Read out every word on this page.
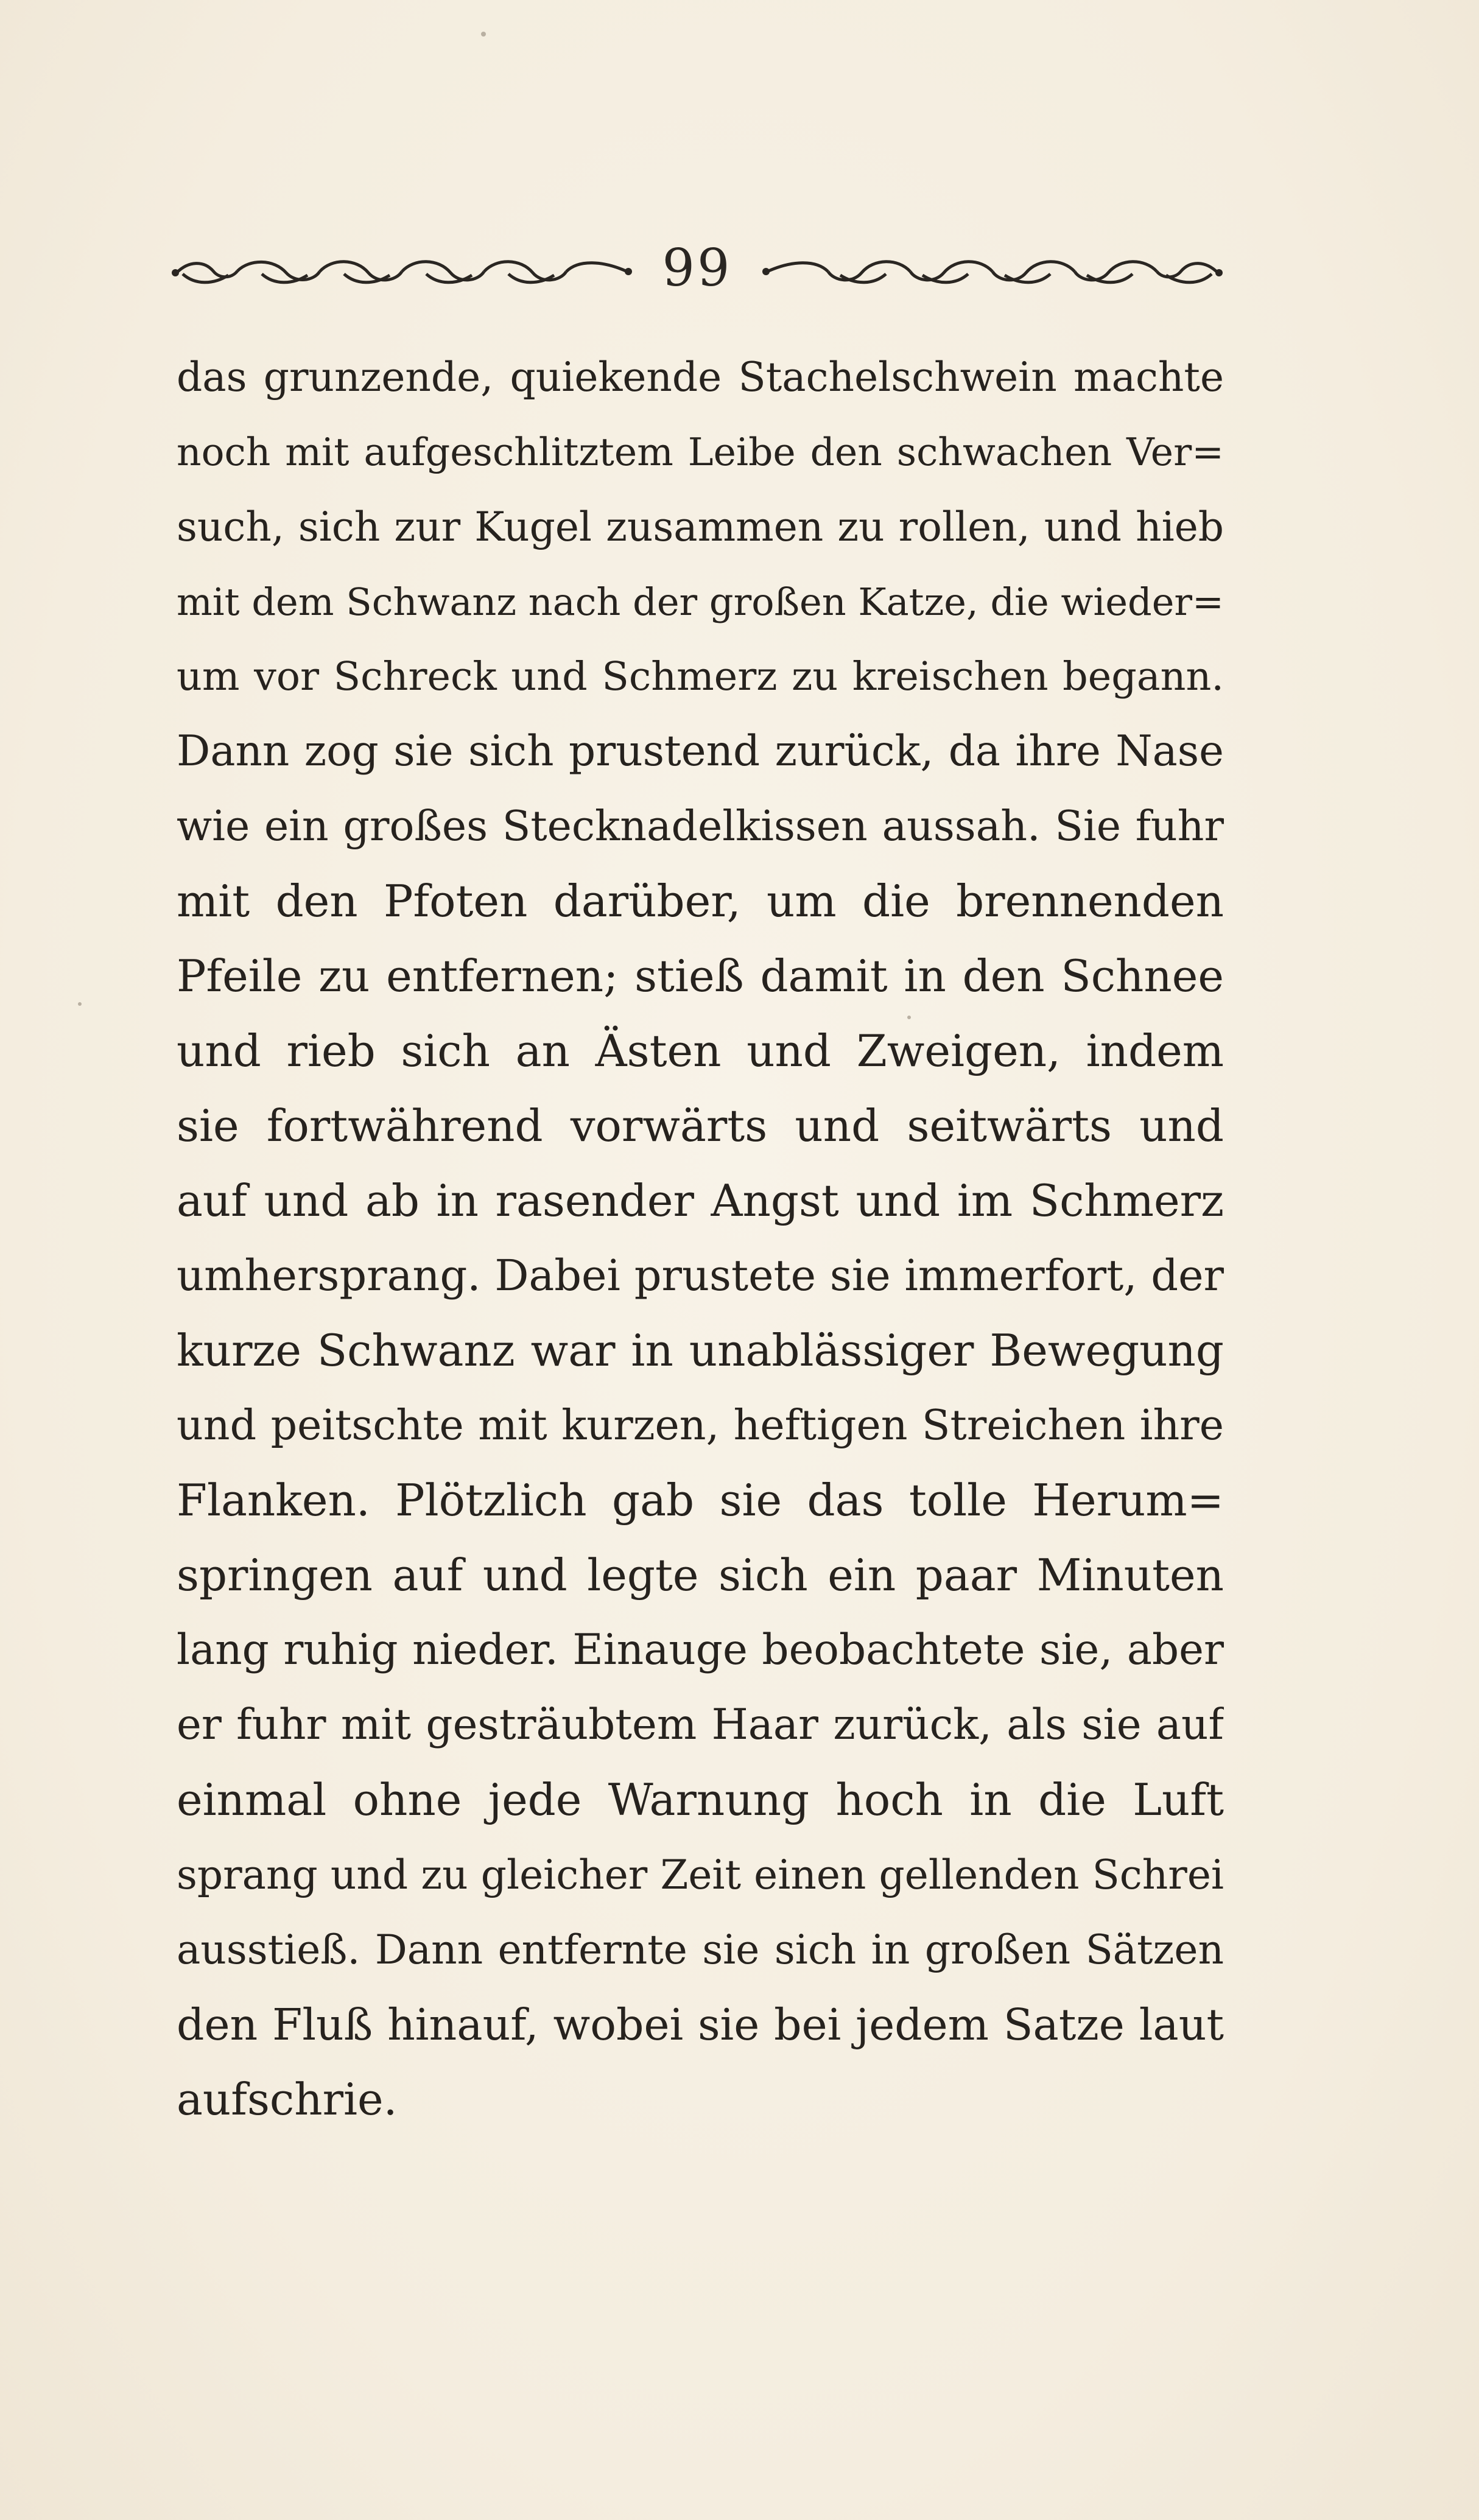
99
das grunzende, quiekende Stachelschwein machte
noch mit aufgeschlitztem Leibe den schwachen Ver=
such, sich zur Kugel zusammen zu rollen, und hieb
mit dem Schwanz nach der großen Katze, die wieder=
um vor Schreck und Schmerz zu kreischen begann.
Dann zog sie sich prustend zurück, da ihre Nase
wie ein großes Stecknadelkissen aussah. Sie fuhr
mit den Pfoten darüber, um die brennenden
Pfeile zu entfernen; stieß damit in den Schnee
und rieb sich an Ästen und Zweigen, indem
sie fortwährend vorwärts und seitwärts und
auf und ab in rasender Angst und im Schmerz
umhersprang. Dabei prustete sie immerfort, der
kurze Schwanz war in unablässiger Bewegung
und peitschte mit kurzen, heftigen Streichen ihre
Flanken. Plötzlich gab sie das tolle Herum=
springen auf und legte sich ein paar Minuten
lang ruhig nieder. Einauge beobachtete sie, aber
er fuhr mit gesträubtem Haar zurück, als sie auf
einmal ohne jede Warnung hoch in die Luft
sprang und zu gleicher Zeit einen gellenden Schrei
ausstieß. Dann entfernte sie sich in großen Sätzen
den Fluß hinauf, wobei sie bei jedem Satze laut
aufschrie.
